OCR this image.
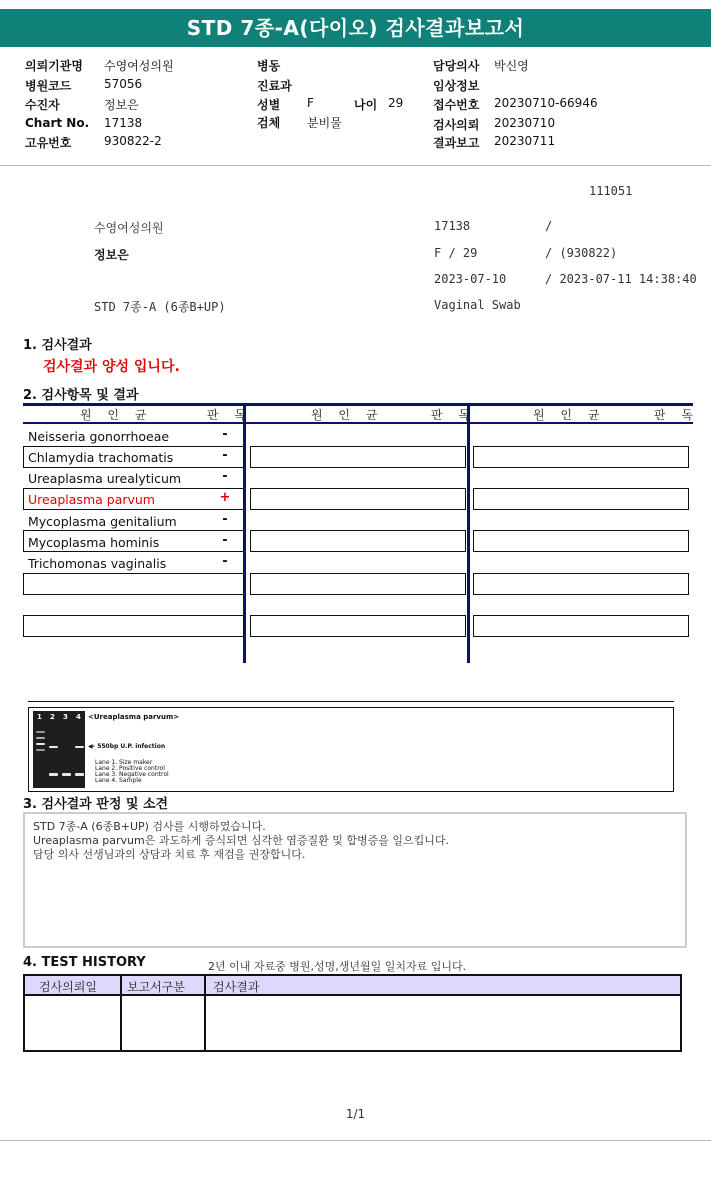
STD 7종-A(다이오) 검사결과보고서
의뢰기관명 수영여성의원
병원코드	57056
수진자	정보은
Chart No. 17138
고유번호	930822-2
병동
진료과
성별 F	나이 29
검체 분비물
담당의사 박신영
임상정보
접수번호 20230710-66946
검사의뢰 20230710
결과보고 20230711
111051
수영여성의원	17138	/
정보은	F / 29	/ (930822)
2023-07-10	/ 2023-07-11 14:38:40
STD 7종-A (6종B+UP)	Vaginal Swab
1. 검사결과
검사결과 양성 입니다.
2. 검사항목 및 결과
원 인 균	판 독	원 인 균	판 독	원 인 균	판 독
Neisseria gonorrhoeae	-
Chlamydia trachomatis	-
Ureaplasma urealyticum	-
Ureaplasma parvum	+
Mycoplasma genitalium	-
Mycoplasma hominis	-
Trichomonas vaginalis	-
1 2 3 4 <Ureaplasma parvum>
◀- 550bp U.P. infection
Lane 1. Size maker
Lane 2. Positive control
Lane 3. Negative control
Lane 4. Sample
3. 검사결과 판정 및 소견
STD 7종-A (6종B+UP) 검사를 시행하였습니다.
Ureaplasma parvum은 과도하게 증식되면 심각한 염증질환 및 합병증을 일으킵니다.
담당 의사 선생님과의 상담과 치료 후 재검을 권장합니다.
4. TEST HISTORY	2년 이내 자료중 병원,성명,생년월일 일치자료 입니다.
검사의뢰일	보고서구분 검사결과
1/1
